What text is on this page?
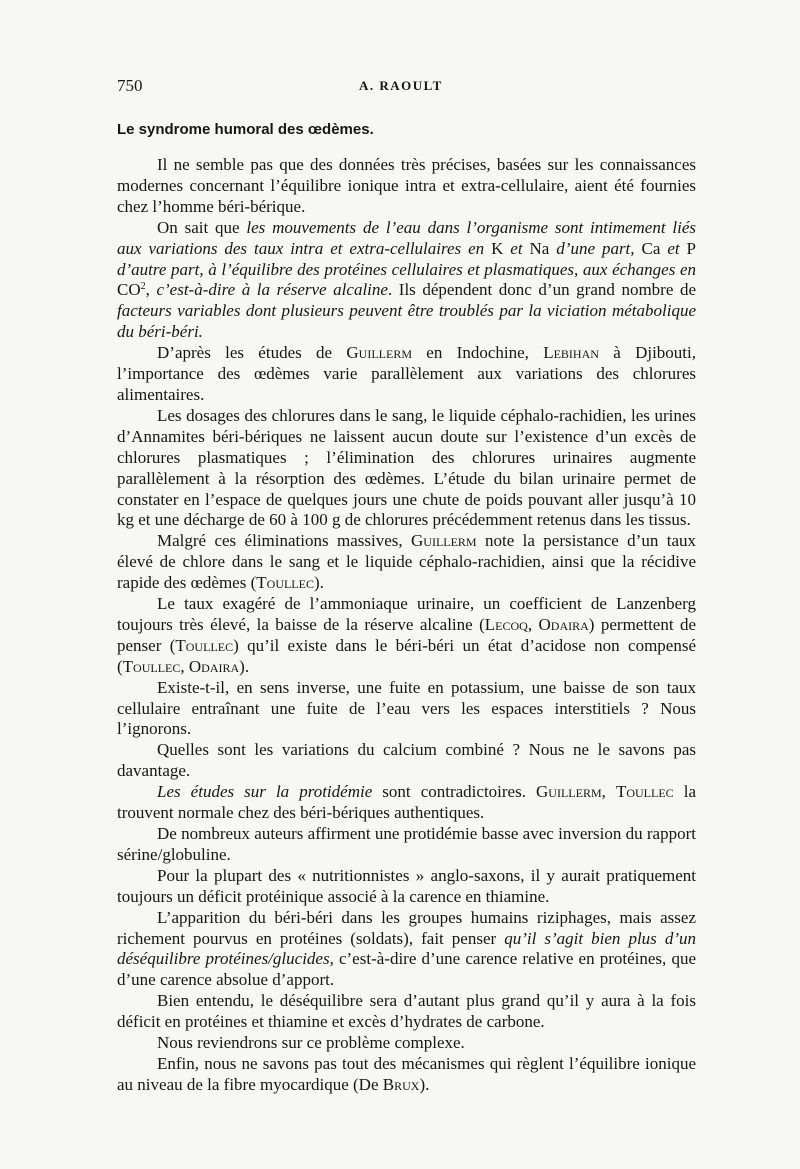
750	A. RAOULT
Le syndrome humoral des œdèmes.

Il ne semble pas que des données très précises, basées sur les connaissances modernes concernant l’équilibre ionique intra et extra-cellulaire, aient été fournies chez l’homme béri-bérique.

On sait que les mouvements de l’eau dans l’organisme sont intimement liés aux variations des taux intra et extra-cellulaires en K et Na d’une part, Ca et P d’autre part, à l’équilibre des protéines cellulaires et plasmatiques, aux échanges en $CO^2$, c’est-à-dire à la réserve alcaline. Ils dépendent donc d’un grand nombre de facteurs variables dont plusieurs peuvent être troublés par la viciation métabolique du béri-béri.

D’après les études de Guillerm en Indochine, Lebihan à Djibouti, l’importance des œdèmes varie parallèlement aux variations des chlorures alimentaires.

Les dosages des chlorures dans le sang, le liquide céphalo-rachidien, les urines d’Annamites béri-bériques ne laissent aucun doute sur l’existence d’un excès de chlorures plasmatiques ; l’élimination des chlorures urinaires augmente parallèlement à la résorption des œdèmes. L’étude du bilan urinaire permet de constater en l’espace de quelques jours une chute de poids pouvant aller jusqu’à 10 kg et une décharge de 60 à 100 g de chlorures précédemment retenus dans les tissus.

Malgré ces éliminations massives, Guillerm note la persistance d’un taux élevé de chlore dans le sang et le liquide céphalo-rachidien, ainsi que la récidive rapide des œdèmes (Toullec).

Le taux exagéré de l’ammoniaque urinaire, un coefficient de Lanzenberg toujours très élevé, la baisse de la réserve alcaline (Lecoq, Odaira) permettent de penser (Toullec) qu’il existe dans le béri-béri un état d’acidose non compensé (Toullec, Odaira).

Existe-t-il, en sens inverse, une fuite en potassium, une baisse de son taux cellulaire entraînant une fuite de l’eau vers les espaces interstitiels ? Nous l’ignorons.

Quelles sont les variations du calcium combiné ? Nous ne le savons pas davantage.

Les études sur la protidémie sont contradictoires. Guillerm, Toullec la trouvent normale chez des béri-bériques authentiques.

De nombreux auteurs affirment une protidémie basse avec inversion du rapport sérine/globuline.

Pour la plupart des « nutritionnistes » anglo-saxons, il y aurait pratiquement toujours un déficit protéinique associé à la carence en thiamine.

L’apparition du béri-béri dans les groupes humains riziphages, mais assez richement pourvus en protéines (soldats), fait penser qu’il s’agit bien plus d’un déséquilibre protéines/glucides, c’est-à-dire d’une carence relative en protéines, que d’une carence absolue d’apport.

Bien entendu, le déséquilibre sera d’autant plus grand qu’il y aura à la fois déficit en protéines et thiamine et excès d’hydrates de carbone.

Nous reviendrons sur ce problème complexe.

Enfin, nous ne savons pas tout des mécanismes qui règlent l’équilibre ionique au niveau de la fibre myocardique (De Brux).
